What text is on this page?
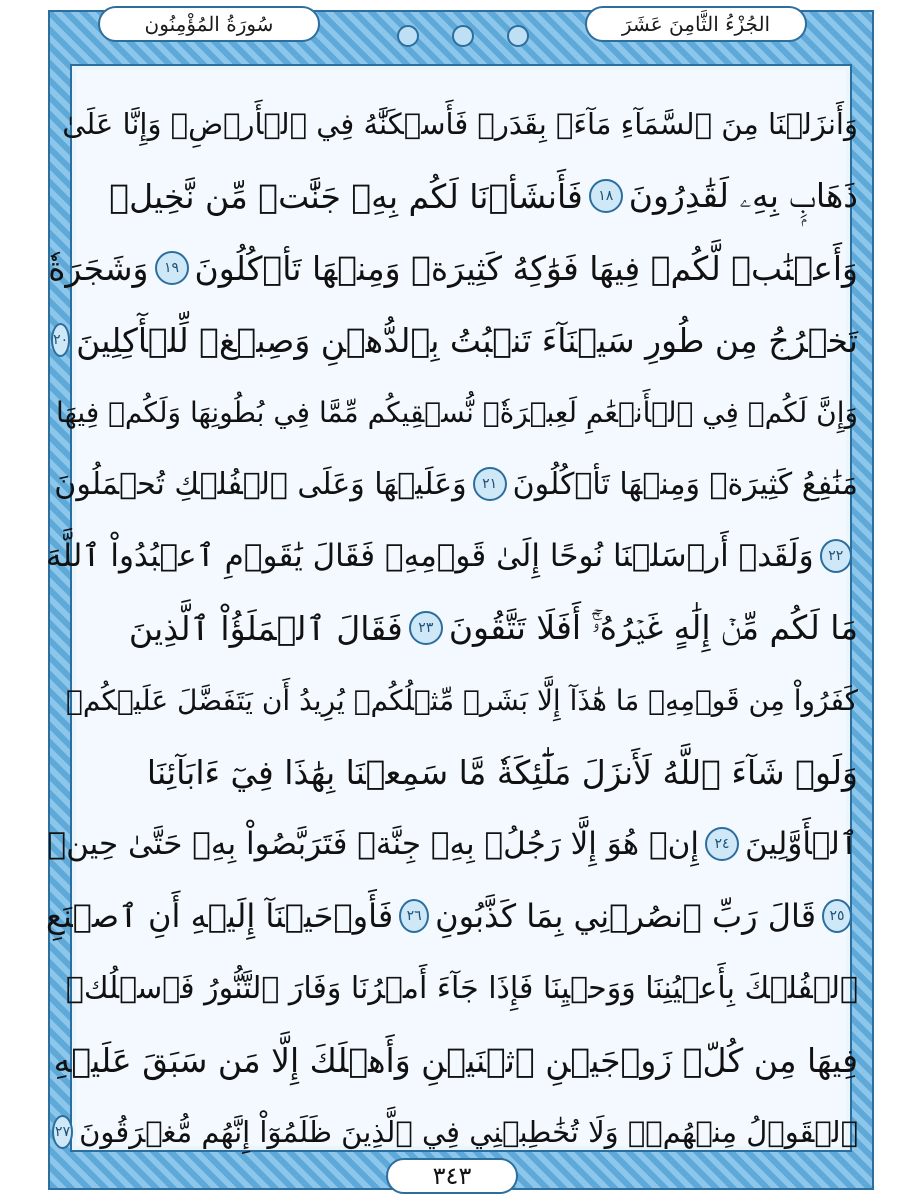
سُورَةُ المُؤْمِنُون	الجُزْءُ الثَّامِنَ عَشَرَ
وَأَنزَلۡنَا مِنَ ٱلسَّمَآءِ مَآءَۢ بِقَدَرٖ فَأَسۡكَنَّٰهُ فِي ٱلۡأَرۡضِۖ وَإِنَّا عَلَىٰ
ذَهَابِۭ بِهِۦ لَقَٰدِرُونَ
١٨
فَأَنشَأۡنَا لَكُم بِهِۦ جَنَّٰتٖ مِّن نَّخِيلٖ
وَأَعۡنَٰبٖ لَّكُمۡ فِيهَا فَوَٰكِهُ كَثِيرَةٞ وَمِنۡهَا تَأۡكُلُونَ
١٩
وَشَجَرَةٗ
تَخۡرُجُ مِن طُورِ سَيۡنَآءَ تَنۢبُتُ بِٱلدُّهۡنِ وَصِبۡغٖ لِّلۡأٓكِلِينَ
٢٠
وَإِنَّ لَكُمۡ فِي ٱلۡأَنۡعَٰمِ لَعِبۡرَةٗۖ نُّسۡقِيكُم مِّمَّا فِي بُطُونِهَا وَلَكُمۡ فِيهَا
مَنَٰفِعُ كَثِيرَةٞ وَمِنۡهَا تَأۡكُلُونَ
٢١
وَعَلَيۡهَا وَعَلَى ٱلۡفُلۡكِ تُحۡمَلُونَ
٢٢
وَلَقَدۡ أَرۡسَلۡنَا نُوحًا إِلَىٰ قَوۡمِهِۦ فَقَالَ يَٰقَوۡمِ ٱعۡبُدُواْ ٱللَّهَ
مَا لَكُم مِّنۡ إِلَٰهٍ غَيۡرُهُۥٓۚ أَفَلَا تَتَّقُونَ
٢٣
فَقَالَ ٱلۡمَلَؤُاْ ٱلَّذِينَ
كَفَرُواْ مِن قَوۡمِهِۦ مَا هَٰذَآ إِلَّا بَشَرٞ مِّثۡلُكُمۡ يُرِيدُ أَن يَتَفَضَّلَ عَلَيۡكُمۡ
وَلَوۡ شَآءَ ٱللَّهُ لَأَنزَلَ مَلَٰٓئِكَةٗ مَّا سَمِعۡنَا بِهَٰذَا فِيٓ ءَابَآئِنَا
ٱلۡأَوَّلِينَ
٢٤
إِنۡ هُوَ إِلَّا رَجُلُۢ بِهِۦ جِنَّةٞ فَتَرَبَّصُواْ بِهِۦ حَتَّىٰ حِينٖ
٢٥
قَالَ رَبِّ ٱنصُرۡنِي بِمَا كَذَّبُونِ
٢٦
فَأَوۡحَيۡنَآ إِلَيۡهِ أَنِ ٱصۡنَعِ
ٱلۡفُلۡكَ بِأَعۡيُنِنَا وَوَحۡيِنَا فَإِذَا جَآءَ أَمۡرُنَا وَفَارَ ٱلتَّنُّورُ فَٱسۡلُكۡ
فِيهَا مِن كُلّٖ زَوۡجَيۡنِ ٱثۡنَيۡنِ وَأَهۡلَكَ إِلَّا مَن سَبَقَ عَلَيۡهِ
ٱلۡقَوۡلُ مِنۡهُمۡۖ وَلَا تُخَٰطِبۡنِي فِي ٱلَّذِينَ ظَلَمُوٓاْ إِنَّهُم مُّغۡرَقُونَ
٢٧
٣٤٣
